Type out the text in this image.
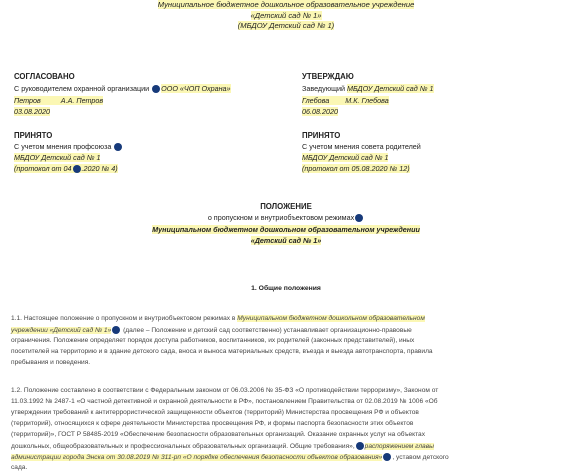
Муниципальное бюджетное дошкольное образовательное учреждение
«Детский сад № 1»
(МБДОУ Детский сад № 1)
СОГЛАСОВАНО
С руководителем охранной организации ООО «ЧОП Охрана»
Петров	А.А. Петров
03.08.2020
УТВЕРЖДАЮ
Заведующий МБДОУ Детский сад № 1
Глебова М.К. Глебова
06.08.2020
ПРИНЯТО
С учетом мнения профсоюза
МБДОУ Детский сад № 1
(протокол от 04 .2020 № 4)
ПРИНЯТО
С учетом мнения совета родителей
МБДОУ Детский сад № 1
(протокол от 05.08.2020 № 12)
ПОЛОЖЕНИЕ
о пропускном и внутриобъектовом режимах
Муниципальном бюджетном дошкольном образовательном учреждении
«Детский сад № 1»
1. Общие положения
1.1. Настоящее положение о пропускном и внутриобъектовом режимах в Муниципальном бюджетном дошкольном образовательном
учреждении «Детский сад № 1» (далее – Положение и детский сад соответственно) устанавливает организационно-правовые
ограничения. Положение определяет порядок доступа работников, воспитанников, их родителей (законных представителей), иных
посетителей на территорию и в здание детского сада, вноса и выноса материальных средств, въезда и выезда автотранспорта, правила
пребывания и поведения.
1.2. Положение составлено в соответствии с Федеральным законом от 06.03.2006 № 35-ФЗ «О противодействии терроризму», Законом от
11.03.1992 № 2487-1 «О частной детективной и охранной деятельности в РФ», постановлением Правительства от 02.08.2019 № 1006 «Об
утверждении требований к антитеррористической защищенности объектов (территорий) Министерства просвещения РФ и объектов
(территорий), относящихся к сфере деятельности Министерства просвещения РФ, и формы паспорта безопасности этих объектов
(территорий)», ГОСТ Р 58485-2019 «Обеспечение безопасности образовательных организаций. Оказание охранных услуг на объектах
дошкольных, общеобразовательных и профессиональных образовательных организаций. Общие требования», распоряжением главы
администрации города Энска от 30.08.2019 № 311-рп «О порядке обеспечения безопасности объектов образования» , уставом детского
сада.
